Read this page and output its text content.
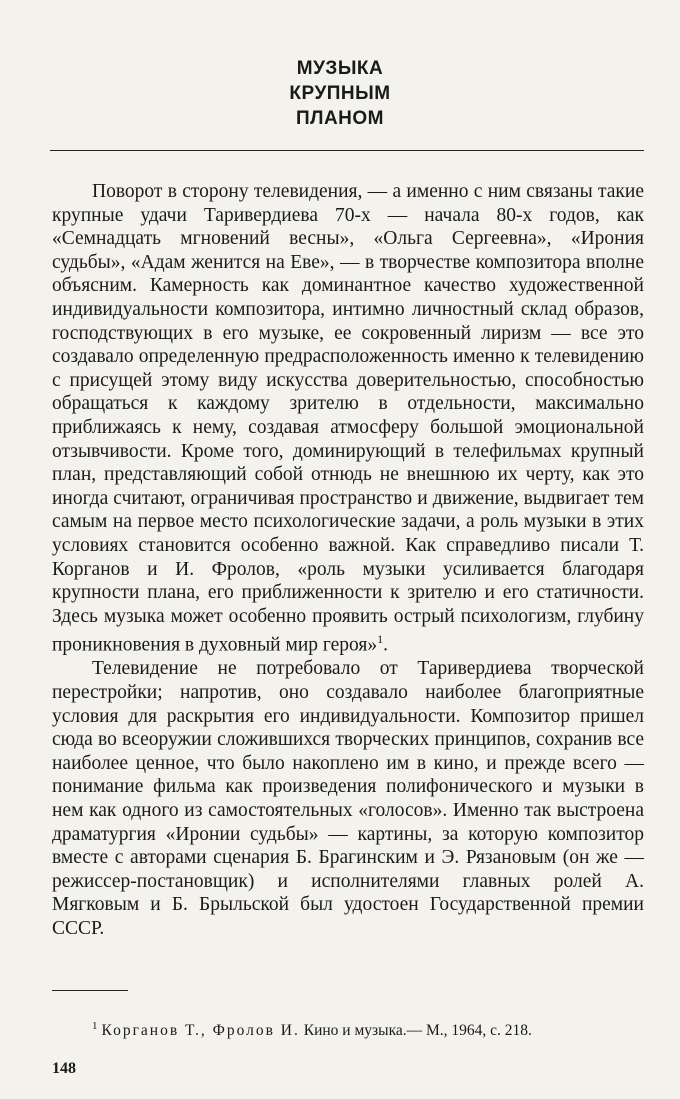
МУЗЫКА
КРУПНЫМ
ПЛАНОМ

Поворот в сторону телевидения, — а именно с ним связаны такие крупные удачи Таривердиева 70-х — начала 80-х годов, как «Семнадцать мгновений весны», «Ольга Сергеевна», «Ирония судьбы», «Адам женится на Еве», — в творчестве композитора вполне объясним. Камерность как доминантное качество художественной индивидуальности композитора, интимно личностный склад образов, господствующих в его музыке, ее сокровенный лиризм — все это создавало определенную предрасположенность именно к телевидению с присущей этому виду искусства доверительностью, способностью обращаться к каждому зрителю в отдельности, максимально приближаясь к нему, создавая атмосферу большой эмоциональной отзывчивости. Кроме того, доминирующий в телефильмах крупный план, представляющий собой отнюдь не внешнюю их черту, как это иногда считают, ограничивая пространство и движение, выдвигает тем самым на первое место психологические задачи, а роль музыки в этих условиях становится особенно важной. Как справедливо писали Т. Корганов и И. Фролов, «роль музыки усиливается благодаря крупности плана, его приближенности к зрителю и его статичности. Здесь музыка может особенно проявить острый психологизм, глубину проникновения в духовный мир героя»$^1$.

Телевидение не потребовало от Таривердиева творческой перестройки; напротив, оно создавало наиболее благоприятные условия для раскрытия его индивидуальности. Композитор пришел сюда во всеоружии сложившихся творческих принципов, сохранив все наиболее ценное, что было накоплено им в кино, и прежде всего — понимание фильма как произведения полифонического и музыки в нем как одного из самостоятельных «голосов». Именно так выстроена драматургия «Иронии судьбы» — картины, за которую композитор вместе с авторами сценария Б. Брагинским и Э. Рязановым (он же — режиссер-постановщик) и исполнителями главных ролей А. Мягковым и Б. Брыльской был удостоен Государственной премии СССР.

$^1$ Корганов Т., Фролов И. Кино и музыка.— М., 1964, с. 218.
148
